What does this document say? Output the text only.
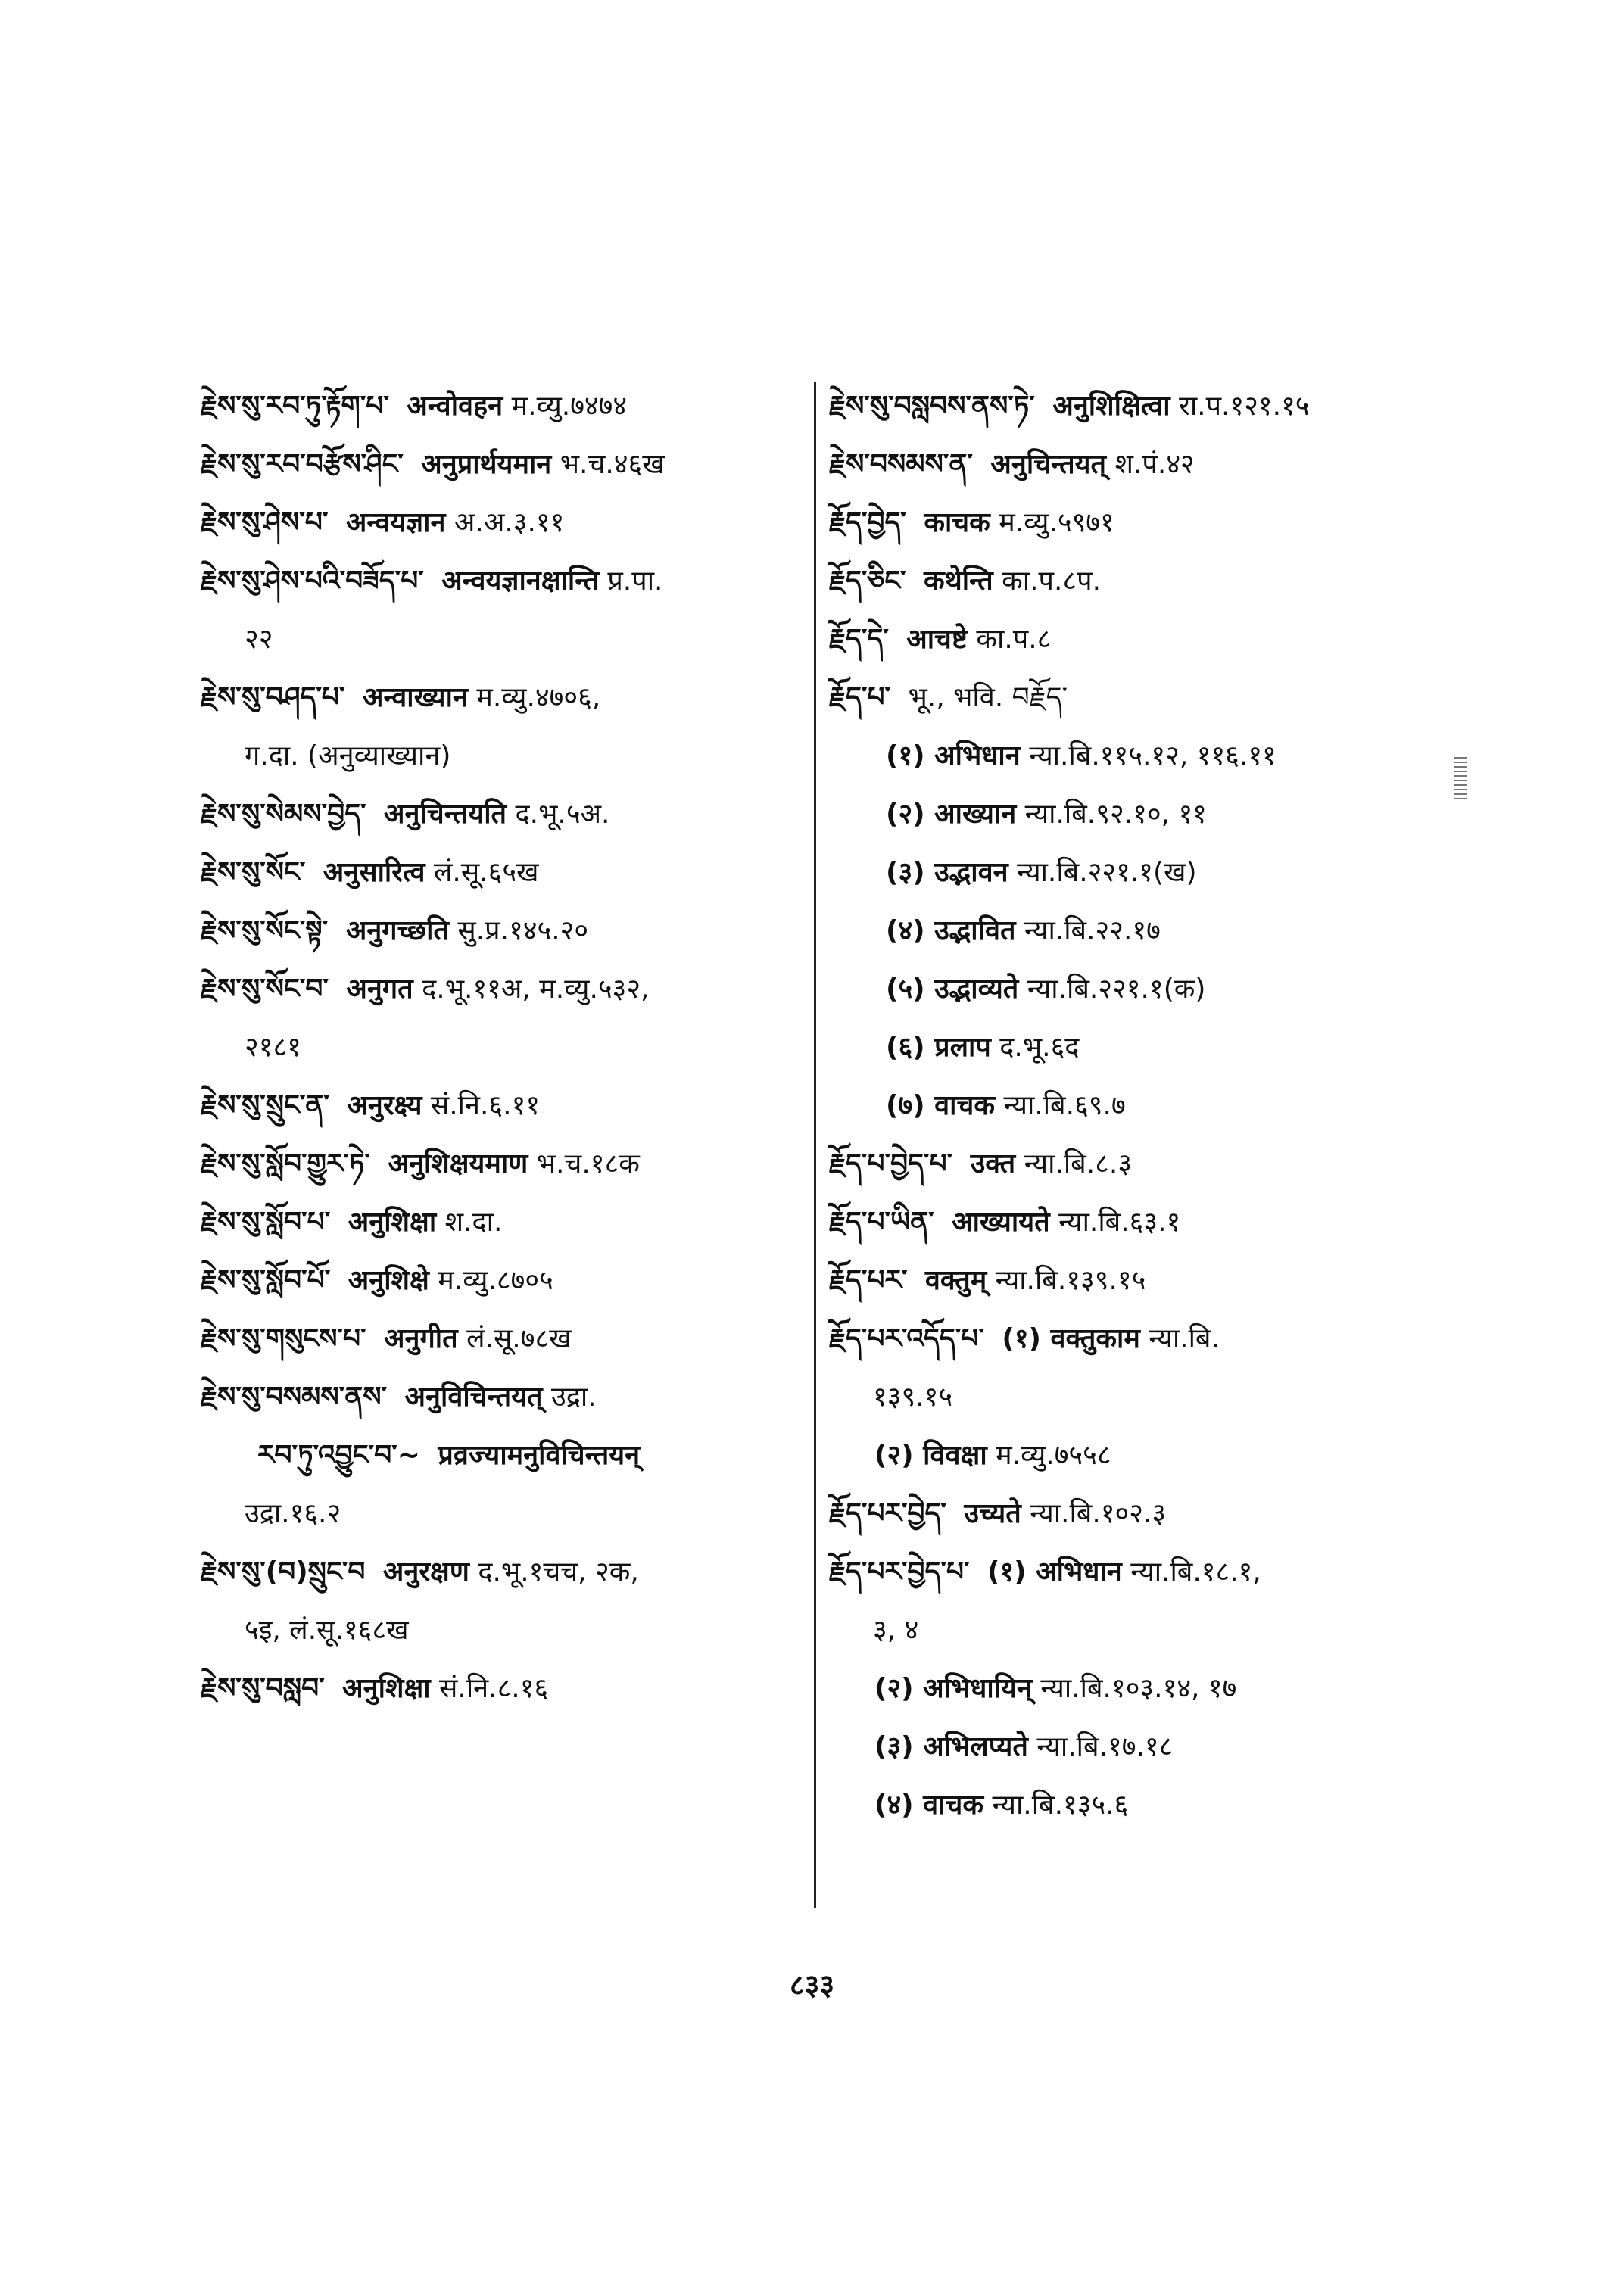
རྗེས་སུ་རབ་ཏུ་རྟོག་པ་ अन्वोवहन म.व्यु.७४७४
རྗེས་སུ་རབ་བརྩོས་ཤིང་ अनुप्रार्थयमान भ.च.४६ख
རྗེས་སུ་ཤེས་པ་ अन्वयज्ञान अ.अ.३.११
རྗེས་སུ་ཤེས་པའི་བཟོད་པ་ अन्वयज्ञानक्षान्ति प्र.पा.
२२
རྗེས་སུ་བཤད་པ་ अन्वाख्यान म.व्यु.४७०६,
ग.दा. (अनुव्याख्यान)
རྗེས་སུ་སེམས་བྱེད་ अनुचिन्तयति द.भू.५अ.
རྗེས་སུ་སོང་ अनुसारित्व लं.सू.६५ख
རྗེས་སུ་སོང་སྟེ་ अनुगच्छति सु.प्र.१४५.२०
རྗེས་སུ་སོང་བ་ अनुगत द.भू.११अ, म.व्यु.५३२,
२१८१
རྗེས་སུ་སྲུང་ན་ अनुरक्ष्य सं.नि.६.११
རྗེས་སུ་སློབ་གྱུར་ཏེ་ अनुशिक्षयमाण भ.च.१८क
རྗེས་སུ་སློབ་པ་ अनुशिक्षा श.दा.
རྗེས་སུ་སློབ་པོ་ अनुशिक्षे म.व्यु.८७०५
རྗེས་སུ་གསུངས་པ་ अनुगीत लं.सू.७८ख
རྗེས་སུ་བསམས་ནས་ अनुविचिन्तयत् उद्रा.
རབ་ཏུ་འབྱུང་བ་~ प्रव्रज्यामनुविचिन्तयन्
उद्रा.१६.२
རྗེས་སུ་(བ)སྲུང་བ अनुरक्षण द.भू.१चच, २क,
५इ, लं.सू.१६८ख
རྗེས་སུ་བསླབ་ अनुशिक्षा सं.नि.८.१६
རྗེས་སུ་བསླབས་ནས་ཏེ་ अनुशिक्षित्वा रा.प.१२१.१५
རྗེས་བསམས་ན་ अनुचिन्तयत् श.पं.४२
རྗོད་བྱེད་ काचक म.व्यु.५९७१
རྗོད་ཅིང་ कथेन्ति का.प.८प.
རྗོད་དེ་ आचष्टे का.प.८
རྗོད་པ་ भू., भवि. བརྗོད་
(१) अभिधान न्या.बि.११५.१२, ११६.११
(२) आख्यान न्या.बि.९२.१०, ११
(३) उद्भावन न्या.बि.२२१.१(ख)
(४) उद्भावित न्या.बि.२२.१७
(५) उद्भाव्यते न्या.बि.२२१.१(क)
(६) प्रलाप द.भू.६द
(७) वाचक न्या.बि.६९.७
རྗོད་པ་བྱེད་པ་ उक्त न्या.बि.८.३
རྗོད་པ་ཡིན་ आख्यायते न्या.बि.६३.१
རྗོད་པར་ वक्तुम् न्या.बि.१३९.१५
རྗོད་པར་འདོད་པ་ (१) वक्तुकाम न्या.बि.
१३९.१५
(२) विवक्षा म.व्यु.७५५८
རྗོད་པར་བྱེད་ उच्यते न्या.बि.१०२.३
རྗོད་པར་བྱེད་པ་ (१) अभिधान न्या.बि.१८.१,
३, ४
(२) अभिधायिन् न्या.बि.१०३.१४, १७
(३) अभिलप्यते न्या.बि.१७.१८
(४) वाचक न्या.बि.१३५.६
८३३
